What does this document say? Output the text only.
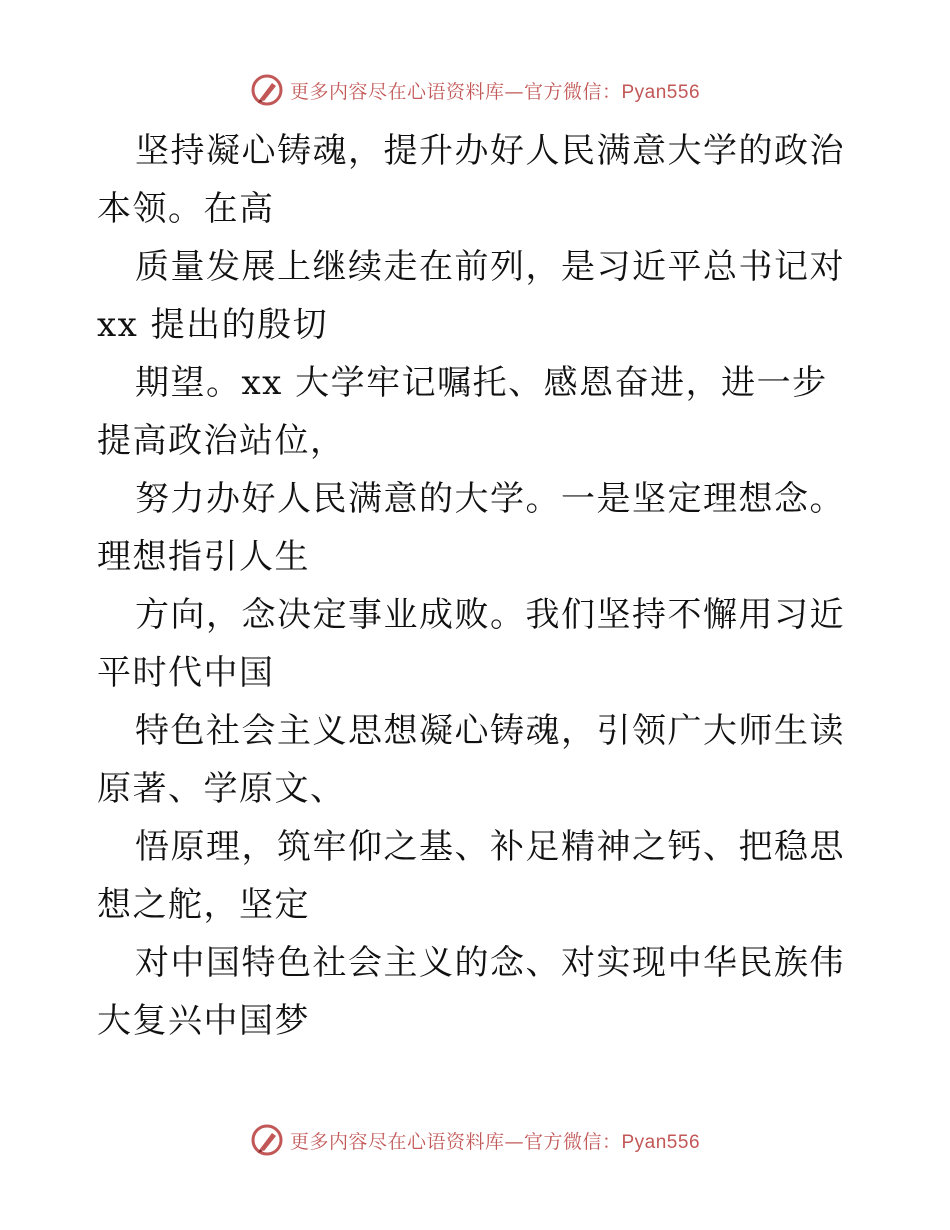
更多内容尽在心语资料库—官方微信：Pyan556

坚持凝心铸魂，提升办好人民满意大学的政治本领。在高

质量发展上继续走在前列，是习近平总书记对 xx 提出的殷切

期望。xx 大学牢记嘱托、感恩奋进，进一步提高政治站位，

努力办好人民满意的大学。一是坚定理想念。理想指引人生

方向，念决定事业成败。我们坚持不懈用习近平时代中国

特色社会主义思想凝心铸魂，引领广大师生读原著、学原文、

悟原理，筑牢仰之基、补足精神之钙、把稳思想之舵，坚定

对中国特色社会主义的念、对实现中华民族伟大复兴中国梦

更多内容尽在心语资料库—官方微信：Pyan556
